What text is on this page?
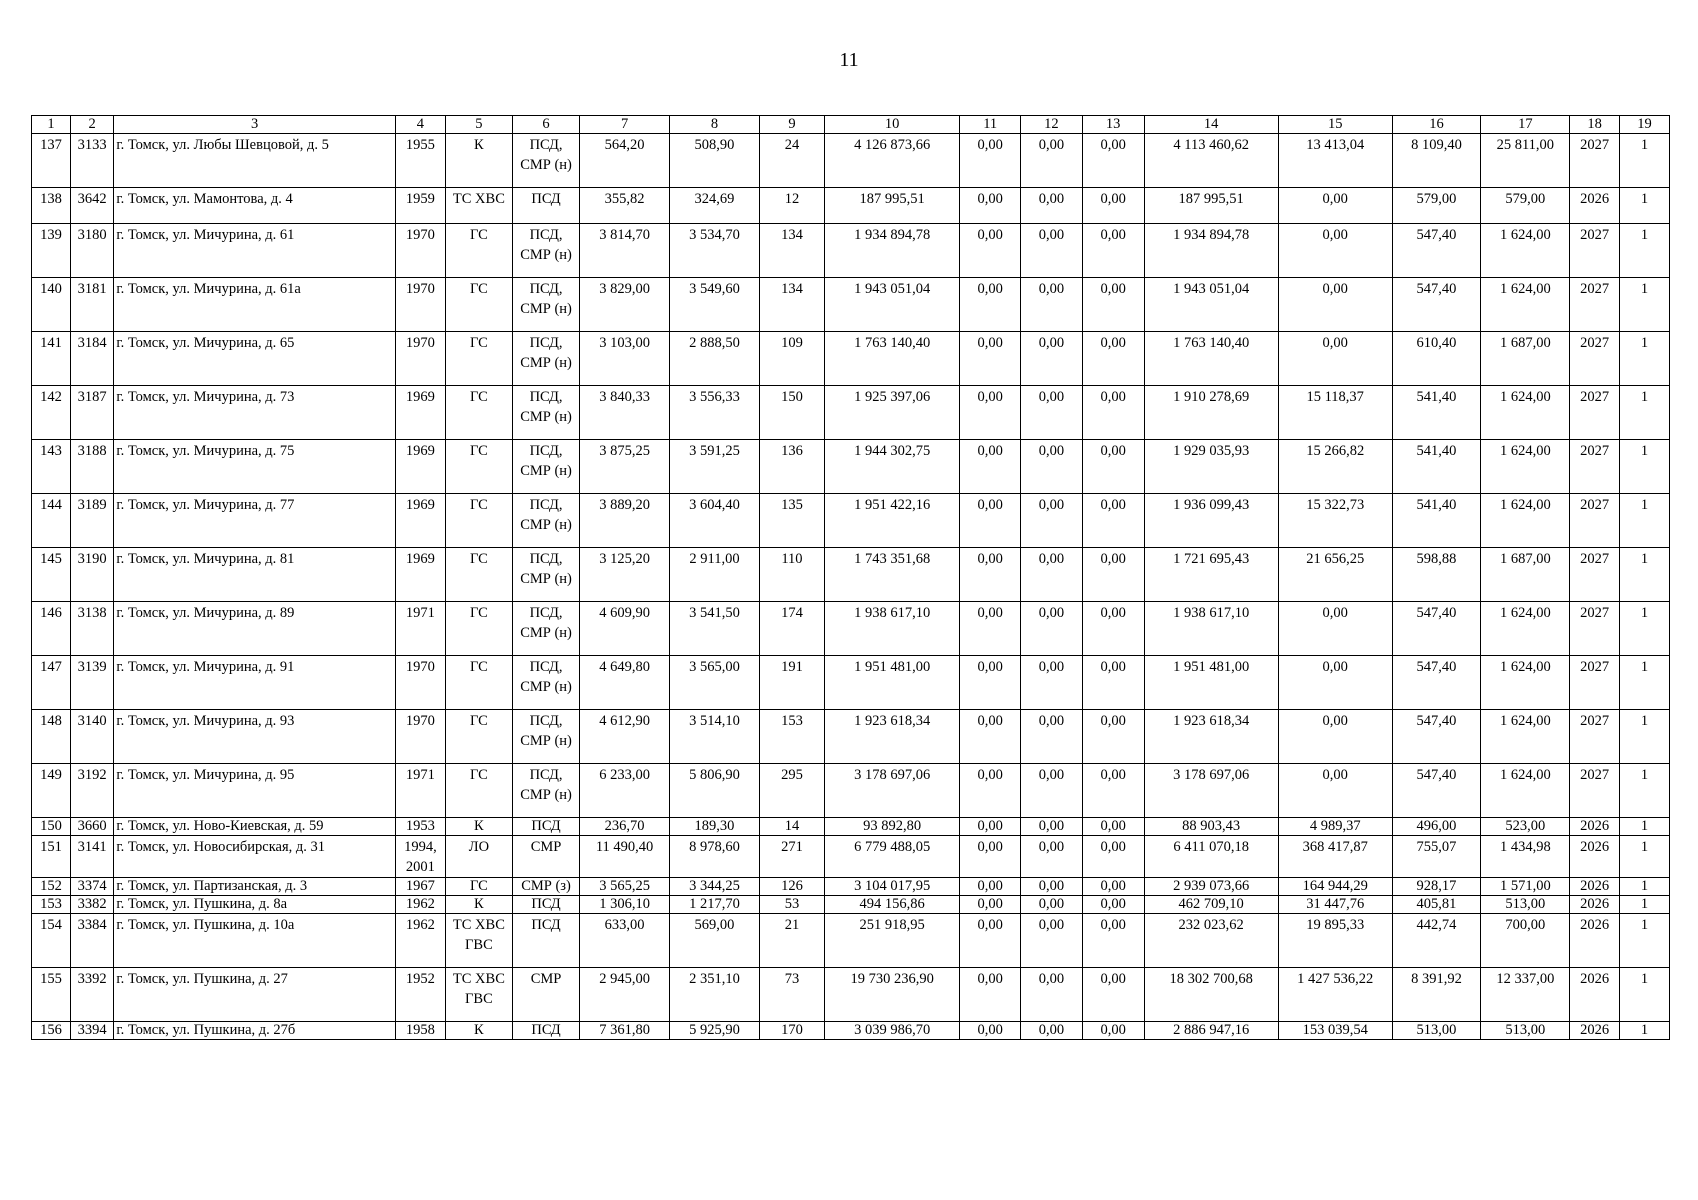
11
1	2	3	4	5	6	7	8	9	10	11	12	13	14	15	16	17	18	19
137	3133	г. Томск, ул. Любы Шевцовой, д. 5	1955	К	ПСД, СМР (н)	564,20	508,90	24	4 126 873,66	0,00	0,00	0,00	4 113 460,62	13 413,04	8 109,40	25 811,00	2027	1
138	3642	г. Томск, ул. Мамонтова, д. 4	1959	ТС ХВС	ПСД	355,82	324,69	12	187 995,51	0,00	0,00	0,00	187 995,51	0,00	579,00	579,00	2026	1
139	3180	г. Томск, ул. Мичурина, д. 61	1970	ГС	ПСД, СМР (н)	3 814,70	3 534,70	134	1 934 894,78	0,00	0,00	0,00	1 934 894,78	0,00	547,40	1 624,00	2027	1
140	3181	г. Томск, ул. Мичурина, д. 61а	1970	ГС	ПСД, СМР (н)	3 829,00	3 549,60	134	1 943 051,04	0,00	0,00	0,00	1 943 051,04	0,00	547,40	1 624,00	2027	1
141	3184	г. Томск, ул. Мичурина, д. 65	1970	ГС	ПСД, СМР (н)	3 103,00	2 888,50	109	1 763 140,40	0,00	0,00	0,00	1 763 140,40	0,00	610,40	1 687,00	2027	1
142	3187	г. Томск, ул. Мичурина, д. 73	1969	ГС	ПСД, СМР (н)	3 840,33	3 556,33	150	1 925 397,06	0,00	0,00	0,00	1 910 278,69	15 118,37	541,40	1 624,00	2027	1
143	3188	г. Томск, ул. Мичурина, д. 75	1969	ГС	ПСД, СМР (н)	3 875,25	3 591,25	136	1 944 302,75	0,00	0,00	0,00	1 929 035,93	15 266,82	541,40	1 624,00	2027	1
144	3189	г. Томск, ул. Мичурина, д. 77	1969	ГС	ПСД, СМР (н)	3 889,20	3 604,40	135	1 951 422,16	0,00	0,00	0,00	1 936 099,43	15 322,73	541,40	1 624,00	2027	1
145	3190	г. Томск, ул. Мичурина, д. 81	1969	ГС	ПСД, СМР (н)	3 125,20	2 911,00	110	1 743 351,68	0,00	0,00	0,00	1 721 695,43	21 656,25	598,88	1 687,00	2027	1
146	3138	г. Томск, ул. Мичурина, д. 89	1971	ГС	ПСД, СМР (н)	4 609,90	3 541,50	174	1 938 617,10	0,00	0,00	0,00	1 938 617,10	0,00	547,40	1 624,00	2027	1
147	3139	г. Томск, ул. Мичурина, д. 91	1970	ГС	ПСД, СМР (н)	4 649,80	3 565,00	191	1 951 481,00	0,00	0,00	0,00	1 951 481,00	0,00	547,40	1 624,00	2027	1
148	3140	г. Томск, ул. Мичурина, д. 93	1970	ГС	ПСД, СМР (н)	4 612,90	3 514,10	153	1 923 618,34	0,00	0,00	0,00	1 923 618,34	0,00	547,40	1 624,00	2027	1
149	3192	г. Томск, ул. Мичурина, д. 95	1971	ГС	ПСД, СМР (н)	6 233,00	5 806,90	295	3 178 697,06	0,00	0,00	0,00	3 178 697,06	0,00	547,40	1 624,00	2027	1
150	3660	г. Томск, ул. Ново-Киевская, д. 59	1953	К	ПСД	236,70	189,30	14	93 892,80	0,00	0,00	0,00	88 903,43	4 989,37	496,00	523,00	2026	1
151	3141	г. Томск, ул. Новосибирская, д. 31	1994, 2001	ЛО	СМР	11 490,40	8 978,60	271	6 779 488,05	0,00	0,00	0,00	6 411 070,18	368 417,87	755,07	1 434,98	2026	1
152	3374	г. Томск, ул. Партизанская, д. 3	1967	ГС	СМР (з)	3 565,25	3 344,25	126	3 104 017,95	0,00	0,00	0,00	2 939 073,66	164 944,29	928,17	1 571,00	2026	1
153	3382	г. Томск, ул. Пушкина, д. 8а	1962	К	ПСД	1 306,10	1 217,70	53	494 156,86	0,00	0,00	0,00	462 709,10	31 447,76	405,81	513,00	2026	1
154	3384	г. Томск, ул. Пушкина, д. 10а	1962	ТС ХВС ГВС	ПСД	633,00	569,00	21	251 918,95	0,00	0,00	0,00	232 023,62	19 895,33	442,74	700,00	2026	1
155	3392	г. Томск, ул. Пушкина, д. 27	1952	ТС ХВС ГВС	СМР	2 945,00	2 351,10	73	19 730 236,90	0,00	0,00	0,00	18 302 700,68	1 427 536,22	8 391,92	12 337,00	2026	1
156	3394	г. Томск, ул. Пушкина, д. 27б	1958	К	ПСД	7 361,80	5 925,90	170	3 039 986,70	0,00	0,00	0,00	2 886 947,16	153 039,54	513,00	513,00	2026	1
